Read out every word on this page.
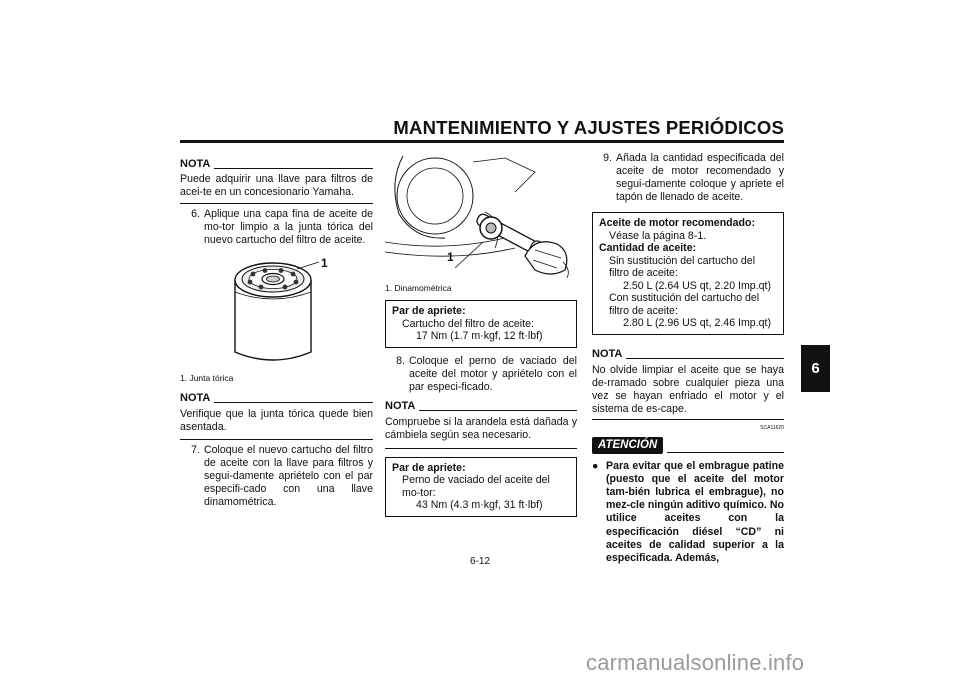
MANTENIMIENTO Y AJUSTES PERIÓDICOS
6
NOTA
Puede adquirir una llave para filtros de acei-te en un concesionario Yamaha.
6. Aplique una capa fina de aceite de mo-tor limpio a la junta tórica del nuevo cartucho del filtro de aceite.
1
1. Junta tórica
NOTA
Verifique que la junta tórica quede bien asentada.
7. Coloque el nuevo cartucho del filtro de aceite con la llave para filtros y segui-damente apriételo con el par especifi-cado con una llave dinamométrica.
1
1. Dinamométrica
Par de apriete:
Cartucho del filtro de aceite:
17 Nm (1.7 m·kgf, 12 ft·lbf)
8. Coloque el perno de vaciado del aceite del motor y apriételo con el par especi-ficado.
NOTA
Compruebe si la arandela está dañada y cámbiela según sea necesario.
Par de apriete:
Perno de vaciado del aceite del mo-tor:
43 Nm (4.3 m·kgf, 31 ft·lbf)
9. Añada la cantidad especificada del aceite de motor recomendado y segui-damente coloque y apriete el tapón de llenado de aceite.
Aceite de motor recomendado:
Véase la página 8-1.
Cantidad de aceite:
Sin sustitución del cartucho del filtro de aceite:
2.50 L (2.64 US qt, 2.20 Imp.qt)
Con sustitución del cartucho del filtro de aceite:
2.80 L (2.96 US qt, 2.46 Imp.qt)
NOTA
No olvide limpiar el aceite que se haya de-rramado sobre cualquier pieza una vez se hayan enfriado el motor y el sistema de es-cape.
SCA11620
ATENCIÓN
● Para evitar que el embrague patine (puesto que el aceite del motor tam-bién lubrica el embrague), no mez-cle ningún aditivo químico. No utilice aceites con la especificación diésel “CD” ni aceites de calidad superior a la especificada. Además,
6-12
carmanualsonline.info
